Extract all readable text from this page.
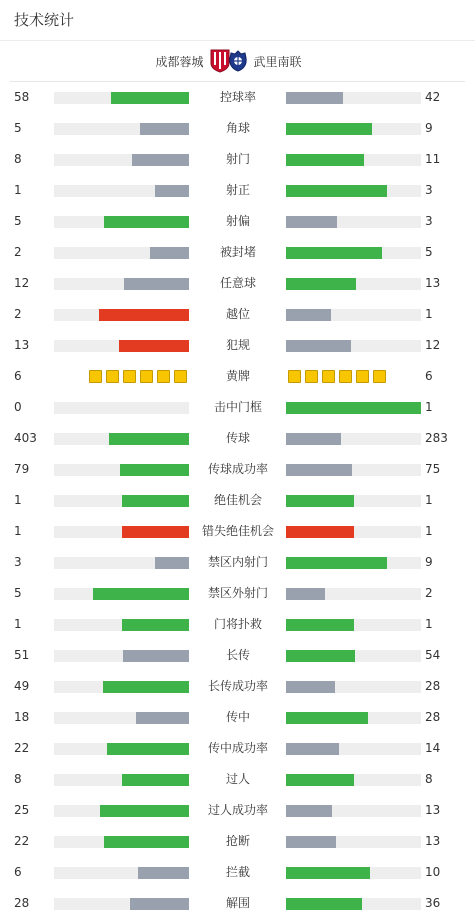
技术统计
成都蓉城	武里南联
58	控球率	42
5	角球	9
8	射门	11
1	射正	3
5	射偏	3
2	被封堵	5
12	任意球	13
2	越位	1
13	犯规	12
6	黄牌	6
0	击中门框	1
403	传球	283
79	传球成功率	75
1	绝佳机会	1
1	错失绝佳机会	1
3	禁区内射门	9
5	禁区外射门	2
1	门将扑救	1
51	长传	54
49	长传成功率	28
18	传中	28
22	传中成功率	14
8	过人	8
25	过人成功率	13
22	抢断	13
6	拦截	10
28	解围	36
